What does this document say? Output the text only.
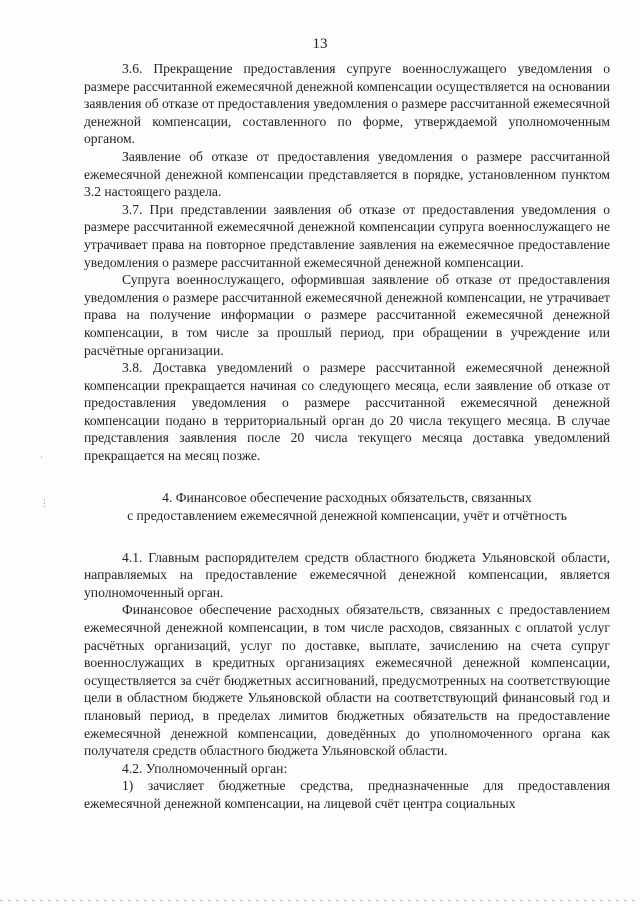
13

3.6. Прекращение предоставления супруге военнослужащего уведомления о размере рассчитанной ежемесячной денежной компенсации осуществляется на основании заявления об отказе от предоставления уведомления о размере рассчитанной ежемесячной денежной компенсации, составленного по форме, утверждаемой уполномоченным органом.

Заявление об отказе от предоставления уведомления о размере рассчитанной ежемесячной денежной компенсации представляется в порядке, установленном пунктом 3.2 настоящего раздела.

3.7. При представлении заявления об отказе от предоставления уведомления о размере рассчитанной ежемесячной денежной компенсации супруга военнослужащего не утрачивает права на повторное представление заявления на ежемесячное предоставление уведомления о размере рассчитанной ежемесячной денежной компенсации.

Супруга военнослужащего, оформившая заявление об отказе от предоставления уведомления о размере рассчитанной ежемесячной денежной компенсации, не утрачивает права на получение информации о размере рассчитанной ежемесячной денежной компенсации, в том числе за прошлый период, при обращении в учреждение или расчётные организации.

3.8. Доставка уведомлений о размере рассчитанной ежемесячной денежной компенсации прекращается начиная со следующего месяца, если заявление об отказе от предоставления уведомления о размере рассчитанной ежемесячной денежной компенсации подано в территориальный орган до 20 числа текущего месяца. В случае представления заявления после 20 числа текущего месяца доставка уведомлений прекращается на месяц позже.

4. Финансовое обеспечение расходных обязательств, связанных
с предоставлением ежемесячной денежной компенсации, учёт и отчётность

4.1. Главным распорядителем средств областного бюджета Ульяновской области, направляемых на предоставление ежемесячной денежной компенсации, является уполномоченный орган.

Финансовое обеспечение расходных обязательств, связанных с предоставлением ежемесячной денежной компенсации, в том числе расходов, связанных с оплатой услуг расчётных организаций, услуг по доставке, выплате, зачислению на счета супруг военнослужащих в кредитных организациях ежемесячной денежной компенсации, осуществляется за счёт бюджетных ассигнований, предусмотренных на соответствующие цели в областном бюджете Ульяновской области на соответствующий финансовый год и плановый период, в пределах лимитов бюджетных обязательств на предоставление ежемесячной денежной компенсации, доведённых до уполномоченного органа как получателя средств областного бюджета Ульяновской области.

4.2. Уполномоченный орган:

1) зачисляет бюджетные средства, предназначенные для предоставления ежемесячной денежной компенсации, на лицевой счёт центра социальных

·
⋮
